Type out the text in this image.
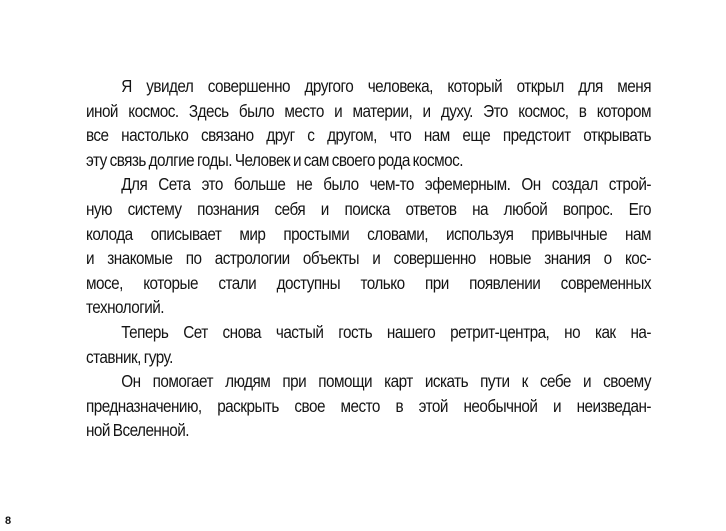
Я увидел совершенно другого человека, который открыл для меня
иной космос. Здесь было место и материи, и духу. Это космос, в котором
все настолько связано друг с другом, что нам еще предстоит открывать
эту связь долгие годы. Человек и сам своего рода космос.
Для Сета это больше не было чем-то эфемерным. Он создал строй-
ную систему познания себя и поиска ответов на любой вопрос. Его
колода описывает мир простыми словами, используя привычные нам
и знакомые по астрологии объекты и совершенно новые знания о кос-
мосе, которые стали доступны только при появлении современных
технологий.
Теперь Сет снова частый гость нашего ретрит-центра, но как на-
ставник, гуру.
Он помогает людям при помощи карт искать пути к себе и своему
предназначению, раскрыть свое место в этой необычной и неизведан-
ной Вселенной.
8
